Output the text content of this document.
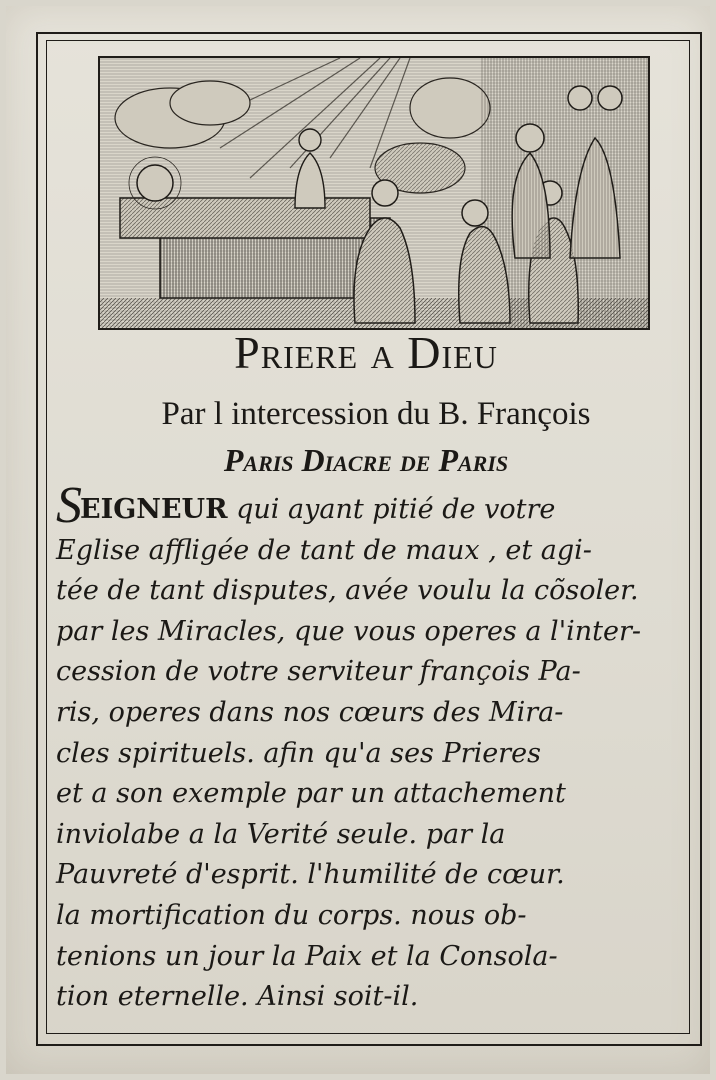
Priere a Dieu
Par l intercession du B. François
Paris Diacre de Paris
SEIGNEUR qui ayant pitié de votre
Eglise affligée de tant de maux , et agi-
tée de tant disputes, avée voulu la cõsoler.
par les Miracles, que vous operes a l'inter-
cession de votre serviteur françois Pa-
ris, operes dans nos cœurs des Mira-
cles spirituels. afin qu'a ses Prieres
et a son exemple par un attachement
inviolabe a la Verité seule. par la
Pauvreté d'esprit. l'humilité de cœur.
la mortification du corps. nous ob-
tenions un jour la Paix et la Consola-
tion eternelle. Ainsi soit-il.
